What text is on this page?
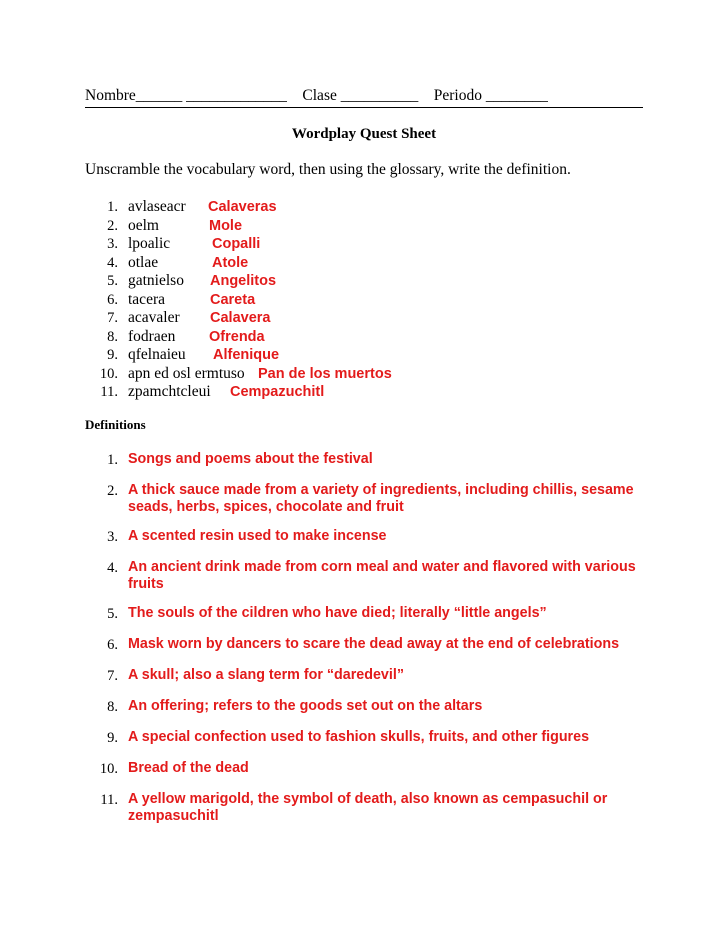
Nombre______ _____________    Clase __________    Periodo ________
Wordplay Quest Sheet
Unscramble the vocabulary word, then using the glossary, write the definition.
1. avlaseacr Calaveras
2. oelm	Mole
3. lpoalic	Copalli
4. otlae	Atole
5. gatnielso Angelitos
6. tacera	Careta
7. acavaler Calavera
8. fodraen Ofrenda
9. qfelnaieu Alfenique
10. apn ed osl ermtuso Pan de los muertos
11. zpamchtcleui Cempazuchitl
Definitions
1. Songs and poems about the festival
2. A thick sauce made from a variety of ingredients, including chillis, sesame
seads, herbs, spices, chocolate and fruit
3. A scented resin used to make incense
4. An ancient drink made from corn meal and water and flavored with various
fruits
5. The souls of the cildren who have died; literally “little angels”
6. Mask worn by dancers to scare the dead away at the end of celebrations
7. A skull; also a slang term for “daredevil”
8. An offering; refers to the goods set out on the altars
9. A special confection used to fashion skulls, fruits, and other figures
10. Bread of the dead
11. A yellow marigold, the symbol of death, also known as cempasuchil or
zempasuchitl
